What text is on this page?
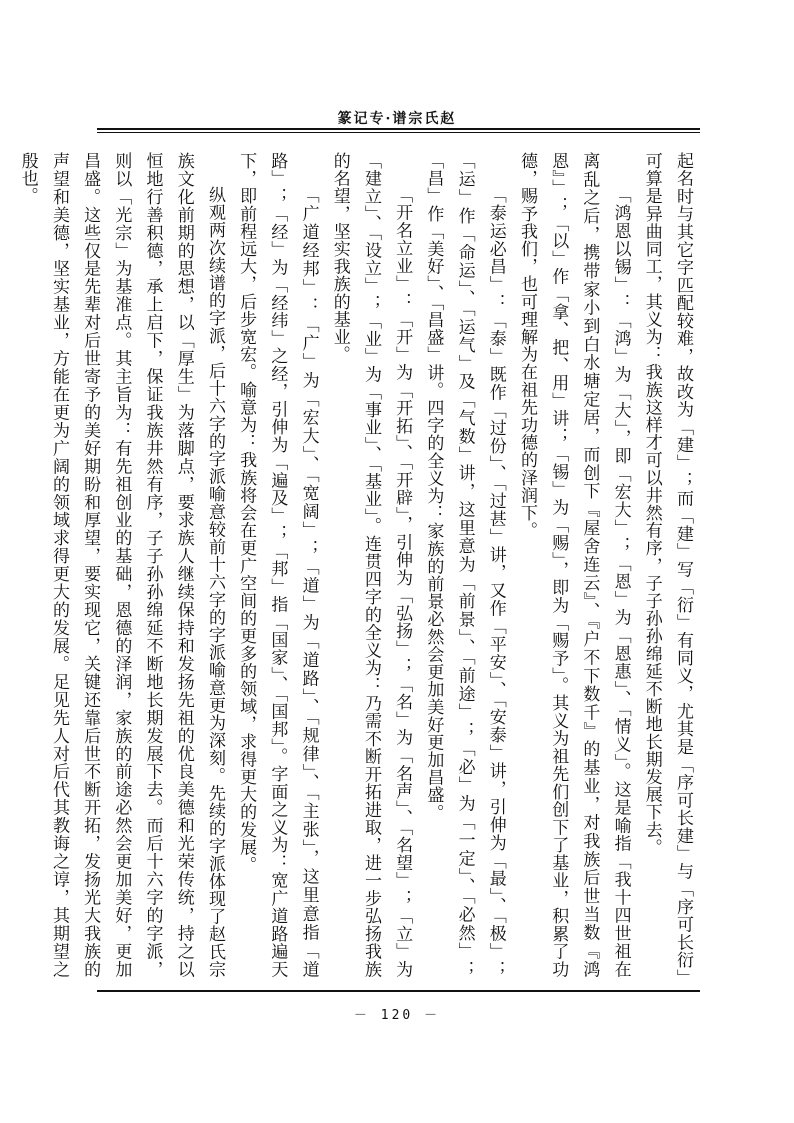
篆记专·谱宗氏赵

起名时与其它字匹配较难，故改为「建」；而「建」写「衍」有同义，尤其是「序可长建」与「序可长衍」可算是异曲同工，其义为：我族这样才可以井然有序，子子孙孙绵延不断地长期发展下去。

「鸿恩以锡」：「鸿」为「大」，即「宏大」；「恩」为「恩惠」、「情义」。这是喻指「我十四世祖在离乱之后，携带家小到白水塘定居，而创下『屋舍连云』、『户不下数千』的基业，对我族后世当数『鸿恩』」；「以」作「拿、把、用」讲；「锡」为「赐」，即为「赐予」。其义为祖先们创下了基业，积累了功德，赐予我们，也可理解为在祖先功德的泽润下。

「泰运必昌」：「泰」既作「过份」、「过甚」讲，又作「平安」、「安泰」讲，引伸为「最」、「极」；「运」作「命运」、「运气」及「气数」讲，这里意为「前景」、「前途」；「必」为「一定」、「必然」；「昌」作「美好」、「昌盛」讲。四字的全义为：家族的前景必然会更加美好更加昌盛。

「开名立业」：「开」为「开拓」、「开辟」，引伸为「弘扬」；「名」为「名声」、「名望」；「立」为「建立」、「设立」；「业」为「事业」、「基业」。连贯四字的全义为：乃需不断开拓进取，进一步弘扬我族的名望，坚实我族的基业。

「广道经邦」：「广」为「宏大」、「宽阔」；「道」为「道路」、「规律」、「主张」，这里意指「道路」；「经」为「经纬」之经，引伸为「遍及」；「邦」指「国家」、「国邦」。字面之义为：宽广道路遍天下，即前程远大，后步宽宏。喻意为：我族将会在更广空间的更多的领域，求得更大的发展。

纵观两次续谱的字派，后十六字的字派喻意较前十六字的字派喻意更为深刻。先续的字派体现了赵氏宗族文化前期的思想，以「厚生」为落脚点，要求族人继续保持和发扬先祖的优良美德和光荣传统，持之以恒地行善积德，承上启下，保证我族井然有序，子子孙孙绵延不断地长期发展下去。而后十六字的字派，则以「光宗」为基准点。其主旨为：有先祖创业的基础，恩德的泽润，家族的前途必然会更加美好，更加昌盛。这些仅是先辈对后世寄予的美好期盼和厚望，要实现它，关键还靠后世不断开拓，发扬光大我族的声望和美德，坚实基业，方能在更为广阔的领域求得更大的发展。足见先人对后代其教诲之谆，其期望之殷也。

－ 120 －
